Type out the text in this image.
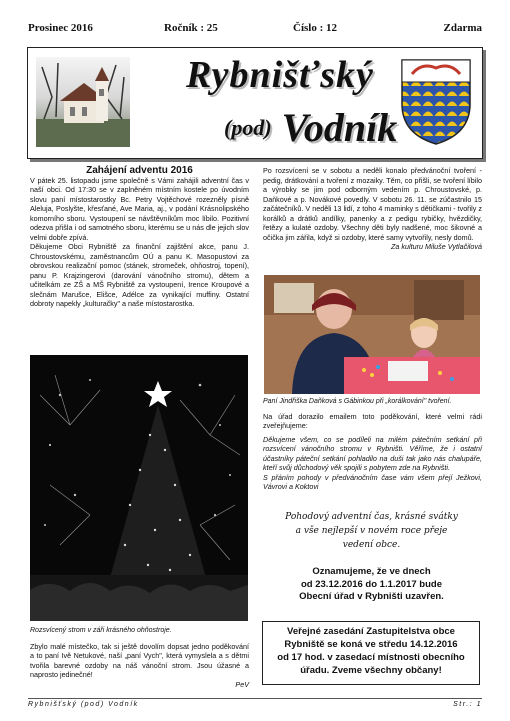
Prosinec 2016	Ročník : 25	Číslo : 12	Zdarma
Rybnišťský
(pod) Vodník

Zahájení adventu 2016

V pátek 25. listopadu jsme společně s Vámi zahájili adventní čas v naší obci. Od 17:30 se v zaplněném místním kostele po úvodním slovu paní místostarostky Bc. Petry Vojtěchové rozezněly písně Aleluja, Poslyšte, křesťané, Ave Maria, aj., v podání Krásnolipského komorního sboru. Vystoupení se návštěvníkům moc líbilo. Pozitivní odezva přišla i od samotného sboru, kterému se u nás dle jejich slov velmi dobře zpívá.

Děkujeme Obci Rybniště za finanční zajištění akce, panu J. Chroustovskému, zaměstnancům OÚ a panu K. Masopustovi za obrovskou realizační pomoc (stánek, stromeček, ohňostroj, topení), panu P. Krajzingerovi (darování vánočního stromu), dětem a učitelkám ze ZŠ a MŠ Rybniště za vystoupení, Irence Kroupové a slečnám Marušce, Elišce, Adélce za vynikající muffiny. Ostatní dobroty napekly „kulturačky" a naše místostarostka.

Rozsvícený strom v záři krásného ohňostroje.

Zbylo malé místečko, tak si ještě dovolím dopsat jedno poděkování a to paní Ivě Netukové, naší „paní Vych", která vymyslela a s dětmi tvořila barevné ozdoby na náš vánoční strom. Jsou úžasné a naprosto jedinečné!

PeV

Po rozsvícení se v sobotu a neděli konalo předvánoční tvoření - pedig, drátkování a tvoření z mozaiky. Těm, co přišli, se tvoření líbilo a výrobky se jim pod odborným vedením p. Chroustovské, p. Daňkové a p. Novákové povedly. V sobotu 26. 11. se zúčastnilo 15 začátečníků. V neděli 13 lidí, z toho 4 maminky s dětičkami - tvořily z korálků a drátků andílky, panenky a z pedigu rybičky, hvězdičky, řetězy a kulaté ozdoby. Všechny děti byly nadšené, moc šikovné a očička jim zářila, když si ozdoby, které samy vytvořily, nesly domů.

Za kulturu Miluše Vytlačilová

Paní Jindřiška Daňková s Gábinkou při „korálkování" tvoření.

Na úřad dorazilo emailem toto poděkování, které velmi rádi zveřejňujeme:

Děkujeme všem, co se podíleli na milém pátečním setkání při rozsvícení vánočního stromu v Rybništi. Věříme, že i ostatní účastníky páteční setkání pohladilo na duši tak jako nás chalupáře, kteří svůj důchodový věk spojili s pobytem zde na Rybništi.

S přáním pohody v předvánočním čase vám všem přejí Ježkovi, Vávrovi a Koktovi

Pohodový adventní čas, krásné svátky
a vše nejlepší v novém roce přeje
vedení obce.
Oznamujeme, že ve dnech
od 23.12.2016 do 1.1.2017 bude
Obecní úřad v Rybništi uzavřen.
Veřejné zasedání Zastupitelstva obce
Rybniště se koná ve středu 14.12.2016
od 17 hod. v zasedací místnosti obecního
úřadu. Zveme všechny občany!
Rybnišťský (pod) Vodník	Str.: 1
